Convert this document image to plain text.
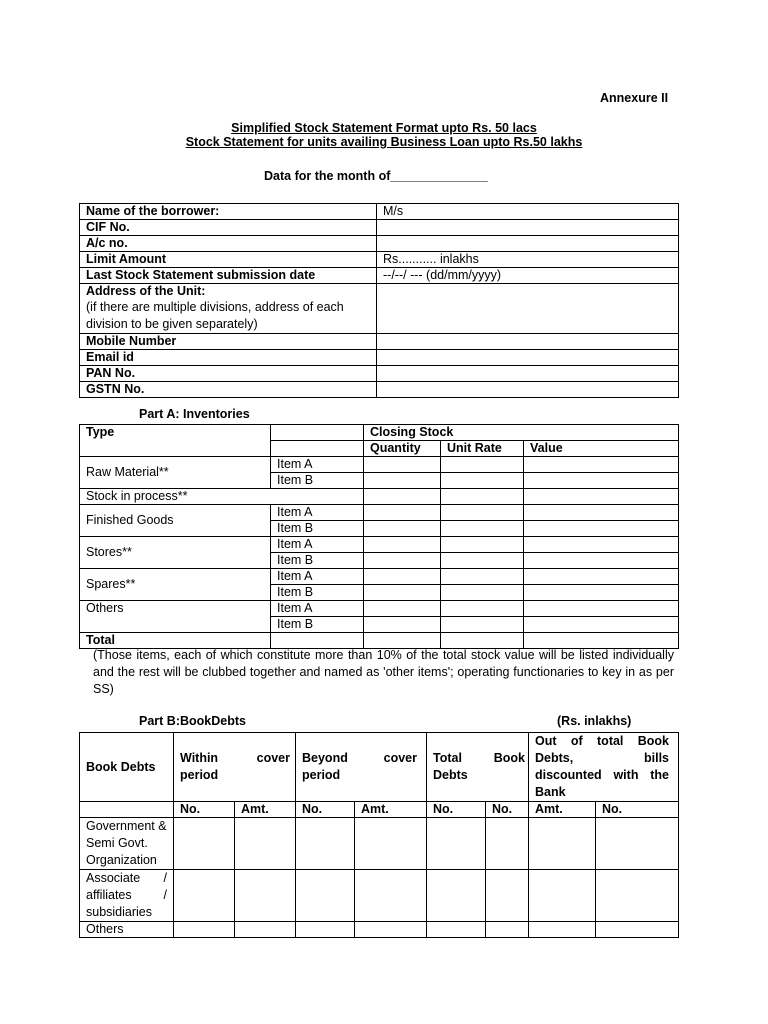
Annexure II
Simplified Stock Statement Format upto Rs. 50 lacs
Stock Statement for units availing Business Loan upto Rs.50 lakhs
Data for the month of______________
Name of the borrower:	M/s
CIF No.	
A/c no.	
Limit Amount	Rs........... inlakhs
Last Stock Statement submission date	--/--/ --- (dd/mm/yyyy)

Address of the Unit:
(if there are multiple divisions, address of each division to be given separately)	

Mobile Number	
Email id	
PAN No.	
GSTN No.	
Part A: Inventories
Type		Closing Stock		
		Quantity	Unit Rate	Value
Raw Material**	Item A			
	Item B			
Stock in process**				
Finished Goods	Item A			
	Item B			
Stores**	Item A			
	Item B			
Spares**	Item A			
	Item B			
Others	Item A			
	Item B			
Total				
(Those items, each of which constitute more than 10% of the total stock value will be listed individually and the rest will be clubbed together and named as 'other items'; operating functionaries to key in as per SS)
Part B:BookDebts	(Rs. inlakhs)
Book Debts	Within cover period		Beyond cover period		Total Book Debts		Out of total Book Debts, bills discounted with the Bank	

	No.	Amt.	No.	Amt.	No.	No.	Amt.	No.
Government & Semi Govt. Organization								

Associate / affiliates / subsidiaries								

Others								
